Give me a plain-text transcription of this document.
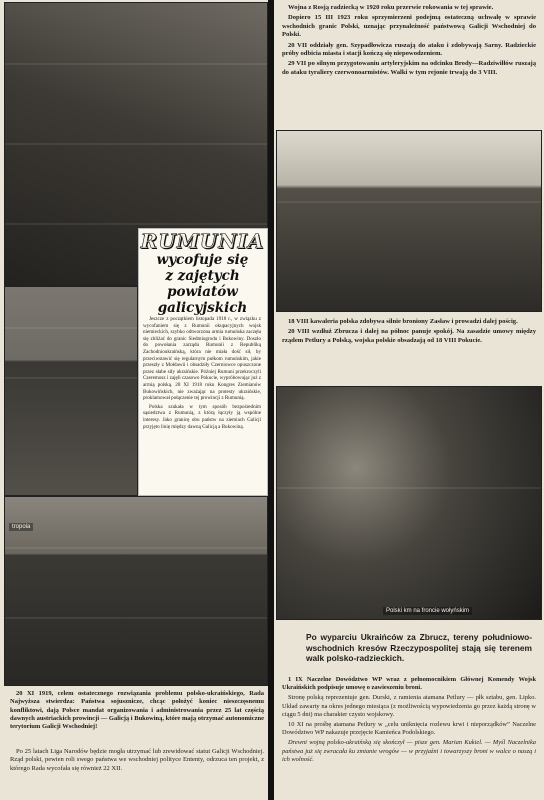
tropola
RUMUNIA
wycofuje się
z zajętych
powiatów
galicyjskich

Jeszcze z początkiem listopada 1918 r., w związku z wycofaniem się z Rumunii okupacyjnych wojsk niemieckich, szybko odtworzona armia rumuńska zaczęła się zbliżać do granic Siedmiogrodu i Bukowiny. Doszło do powołania zarządu Rumunii z Republiką Zachodnioukraińską, która nie miała dość sił, by przeciwstawić się regularnym pułkom rumuńskim, jakie przeszły z Mołdawii i obsadziły Czerniowce opuszczone przez słabe siły ukraińskie. Później Rumuni przekroczyli Czeremosz i zajęli czasowo Pokucie, wypróbowując już z armią polską. 28 XI 1918 roku Kongres Ziemianów Bukowińskich, nie zważając na protesty ukraińskie, proklamował połączenie tej prowincji z Rumunią.

Polska szukała w tym sposób bezpośrednim sąsiedztwa z Rumunią, z którą łączyły ją wspólne interesy. Jako granicę obu państw na ziemiach Galicji przyjęto linię między dawną Galicją a Bukowiną.

20 XI 1919, celem ostatecznego rozwiązania problemu polsko-ukraińskiego, Rada Najwyższa stwierdza: Państwa sojusznicze, chcąc położyć koniec nieszczęsnemu konfliktowi, dają Polsce mandat organizowania i administrowania przez 25 lat częścią dawnych austriackich prowincji — Galicją i Bukowiną, które mają otrzymać autonomiczne terytorium Galicji Wschodniej!

Po 25 latach Liga Narodów będzie mogła utrzymać lub zrewidować statut Galicji Wschodniej. Rząd polski, pewien roli swego państwa we wschodniej polityce Ententy, odrzuca ten projekt, z którego Rada wycofała się również 22 XII.

Wojna z Rosją radziecką w 1920 roku przerwie rokowania w tej sprawie.

Dopiero 15 III 1923 roku sprzymierzeni podejmą ostateczną uchwałę w sprawie wschodnich granic Polski, uznając przynależność państwową Galicji Wschodniej do Polski.

20 VII oddziały gen. Szypadłowicza ruszają do ataku i zdobywają Sarny. Radzieckie próby odbicia miasta i stacji kończą się niepowodzeniem.

29 VII po silnym przygotowaniu artyleryjskim na odcinku Brody—Radziwiłłów ruszają do ataku tyraliery czerwonoarmistów. Walki w tym rejonie trwają do 3 VIII.

18 VIII kawaleria polska zdobywa silnie broniony Zasław i prowadzi dalej pościg.

20 VIII wzdłuż Zbrucza i dalej na północ panuje spokój. Na zasadzie umowy między rządem Petlury a Polską, wojska polskie obsadzają od 18 VIII Pokucie.

Polski km na froncie wołyńskim
Po wyparciu Ukraińców za Zbrucz, tereny południowo-wschodnich kresów Rzeczypospolitej stają się terenem walk polsko-radzieckich.

1 IX Naczelne Dowództwo WP wraz z pełnomocnikiem Głównej Komendy Wojsk Ukraińskich podpisuje umowę o zawieszeniu broni.

Stronę polską reprezentuje gen. Durski, z ramienia atamana Petlury — płk sztabu, gen. Lipko. Układ zawarty na okres jednego miesiąca (z możliwością wypowiedzenia go przez każdą stronę w ciągu 5 dni) ma charakter czysto wojskowy.

10 XI na prośbę atamana Petlury w „celu uniknięcia rozlewu krwi i nieporządków” Naczelne Dowództwo WP nakazuje przejęcie Kamieńca Podolskiego.

Drewni wojną polsko-ukraińską się skończył — pisze gen. Marian Kukiel. — Myśl Naczelnika państwa już się zwracała ku zmianie wrogów — w przyjaźni i towarzyszy broni w walce o naszą i ich wolność.
